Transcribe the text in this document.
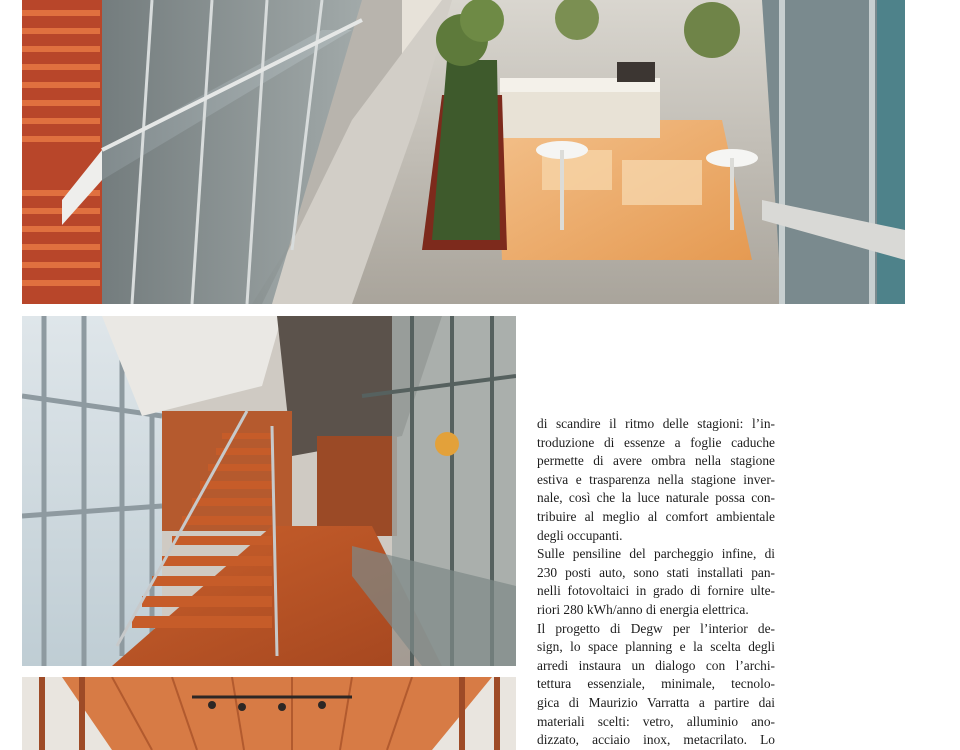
di scandire il ritmo delle stagioni: l’in-
troduzione di essenze a foglie caduche
permette di avere ombra nella stagione
estiva e trasparenza nella stagione inver-
nale, così che la luce naturale possa con-
tribuire al meglio al comfort ambientale
degli occupanti.
Sulle pensiline del parcheggio infine, di
230 posti auto, sono stati installati pan-
nelli fotovoltaici in grado di fornire ulte-
riori 280 kWh/anno di energia elettrica.
Il progetto di Degw per l’interior de-
sign, lo space planning e la scelta degli
arredi instaura un dialogo con l’archi-
tettura essenziale, minimale, tecnolo-
gica di Maurizio Varratta a partire dai
materiali scelti: vetro, alluminio ano-
dizzato, acciaio inox, metacrilato. Lo
